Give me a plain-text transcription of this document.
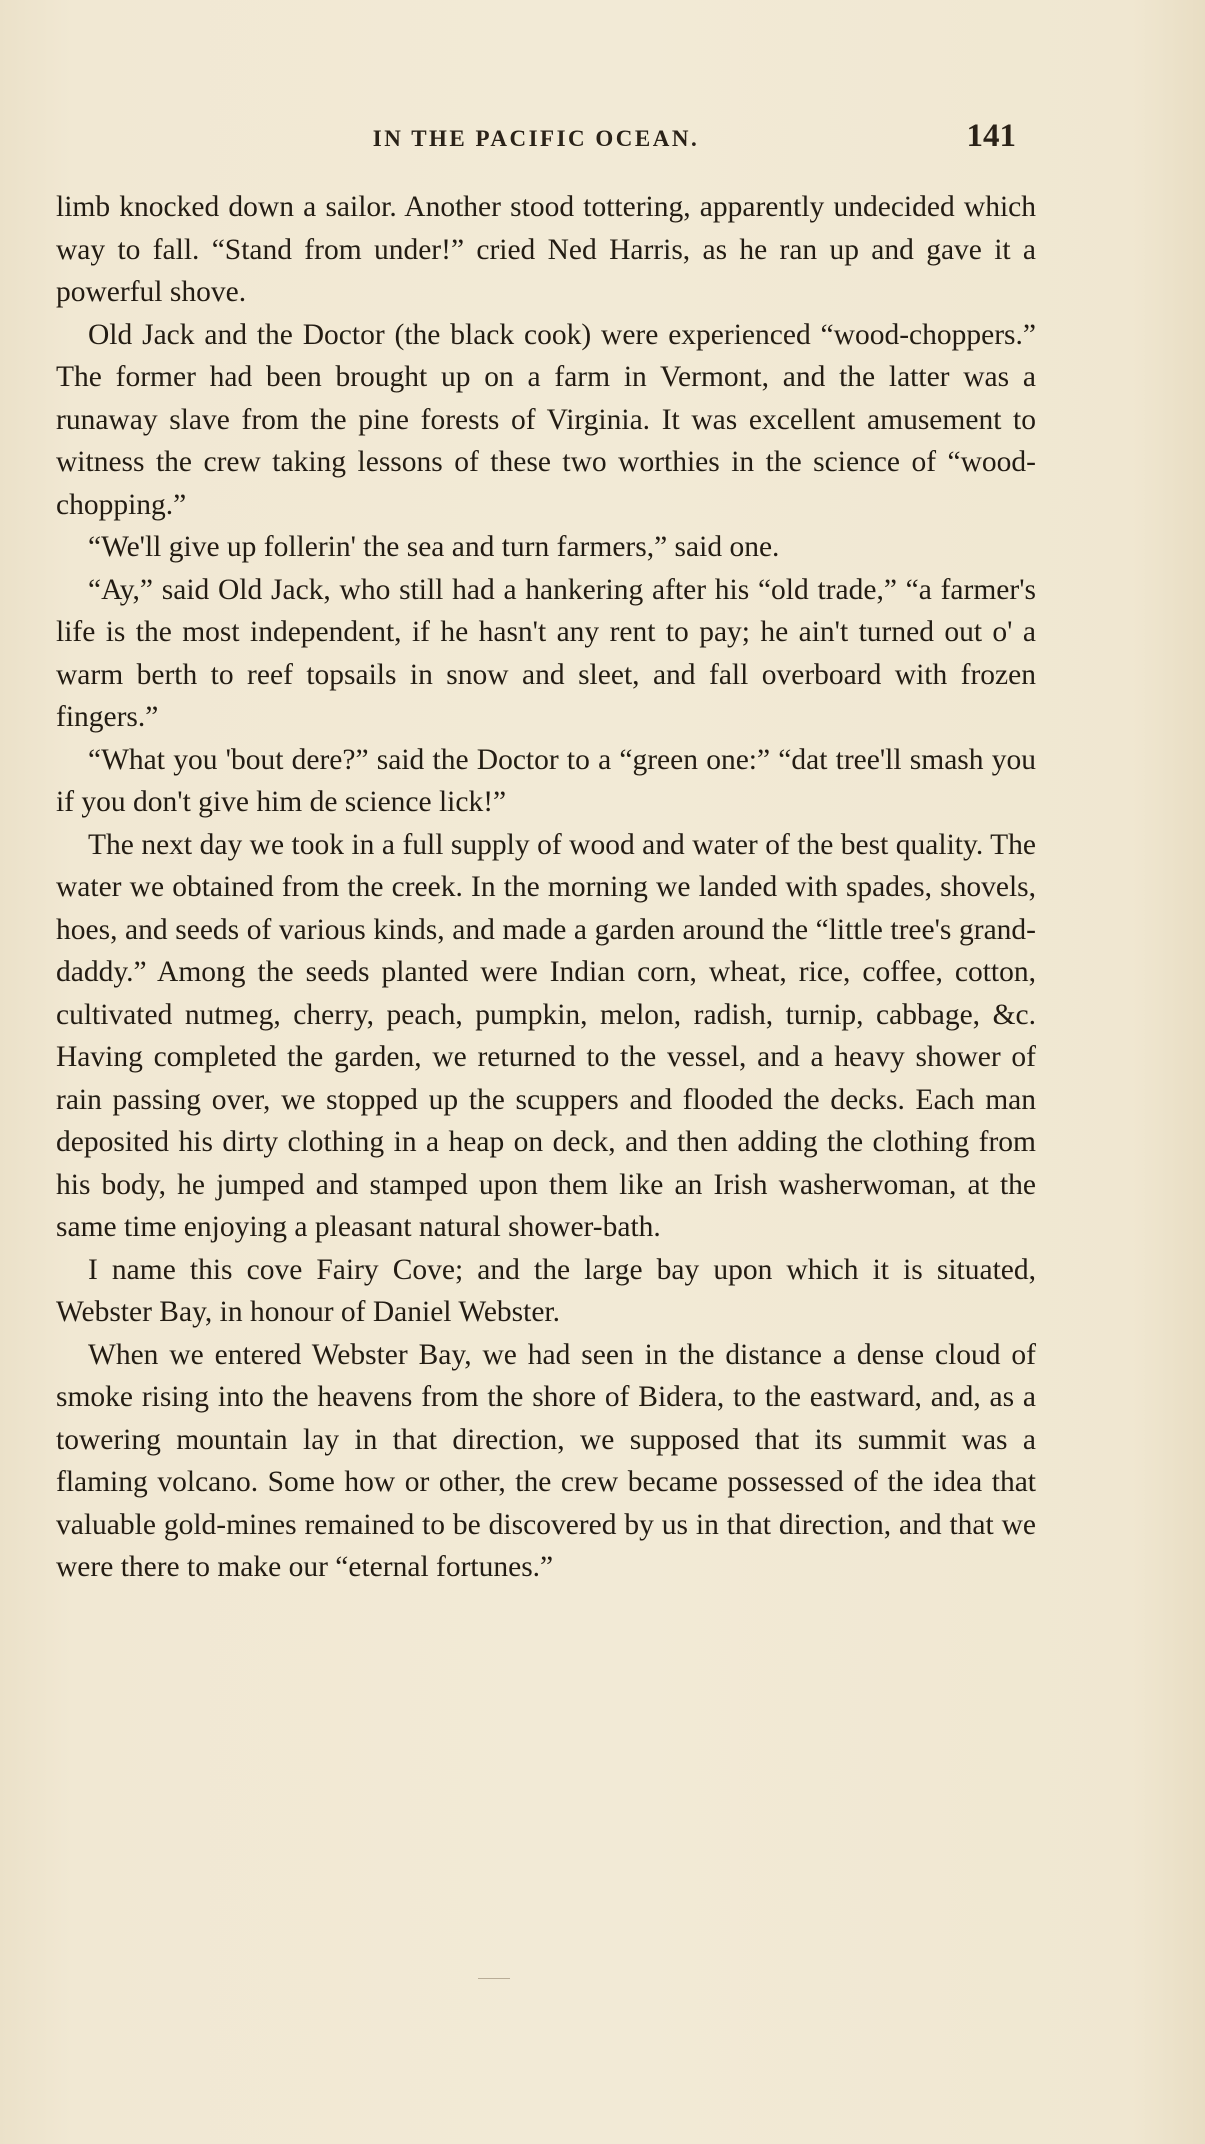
IN THE PACIFIC OCEAN.	141

limb knocked down a sailor. Another stood tottering, apparently undecided which way to fall. “Stand from under!” cried Ned Harris, as he ran up and gave it a powerful shove.

Old Jack and the Doctor (the black cook) were experienced “wood-choppers.” The former had been brought up on a farm in Vermont, and the latter was a runaway slave from the pine forests of Virginia. It was excellent amusement to witness the crew taking lessons of these two worthies in the science of “wood-chopping.”

“We'll give up follerin' the sea and turn farmers,” said one.

“Ay,” said Old Jack, who still had a hankering after his “old trade,” “a farmer's life is the most independent, if he hasn't any rent to pay; he ain't turned out o' a warm berth to reef topsails in snow and sleet, and fall overboard with frozen fingers.”

“What you 'bout dere?” said the Doctor to a “green one:” “dat tree'll smash you if you don't give him de science lick!”

The next day we took in a full supply of wood and water of the best quality. The water we obtained from the creek. In the morning we landed with spades, shovels, hoes, and seeds of various kinds, and made a garden around the “little tree's grand-daddy.” Among the seeds planted were Indian corn, wheat, rice, coffee, cotton, cultivated nutmeg, cherry, peach, pumpkin, melon, radish, turnip, cabbage, &c. Having completed the garden, we returned to the vessel, and a heavy shower of rain passing over, we stopped up the scuppers and flooded the decks. Each man deposited his dirty clothing in a heap on deck, and then adding the clothing from his body, he jumped and stamped upon them like an Irish washerwoman, at the same time enjoying a pleasant natural shower-bath.

I name this cove Fairy Cove; and the large bay upon which it is situated, Webster Bay, in honour of Daniel Webster.

When we entered Webster Bay, we had seen in the distance a dense cloud of smoke rising into the heavens from the shore of Bidera, to the eastward, and, as a towering mountain lay in that direction, we supposed that its summit was a flaming volcano. Some how or other, the crew became possessed of the idea that valuable gold-mines remained to be discovered by us in that direction, and that we were there to make our “eternal fortunes.”
